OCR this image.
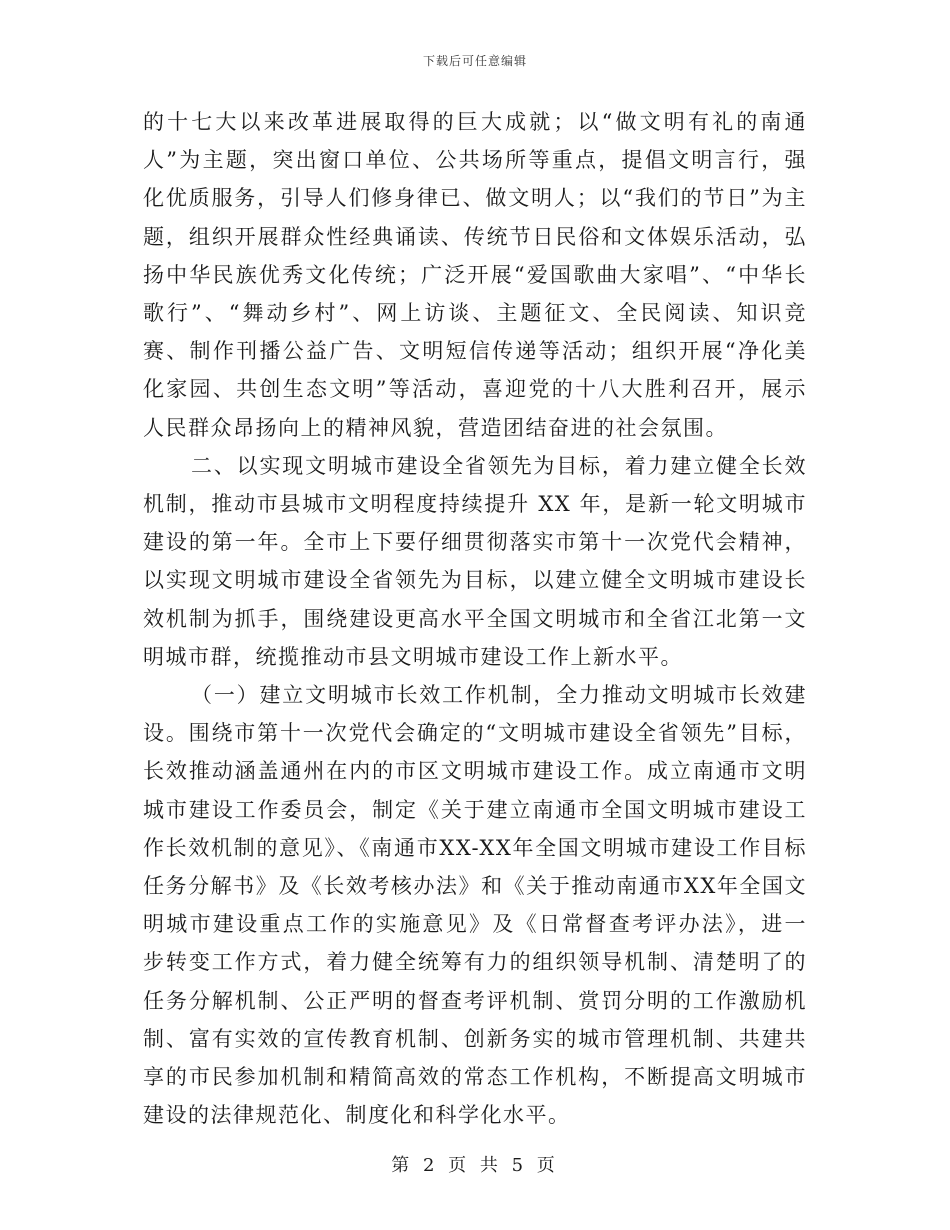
下载后可任意编辑

的十七大以来改革进展取得的巨大成就；以“做文明有礼的南通人”为主题，突出窗口单位、公共场所等重点，提倡文明言行，强化优质服务，引导人们修身律已、做文明人；以“我们的节日”为主题，组织开展群众性经典诵读、传统节日民俗和文体娱乐活动，弘扬中华民族优秀文化传统；广泛开展“爱国歌曲大家唱”、“中华长歌行”、“舞动乡村”、网上访谈、主题征文、全民阅读、知识竞赛、制作刊播公益广告、文明短信传递等活动；组织开展“净化美化家园、共创生态文明”等活动，喜迎党的十八大胜利召开，展示人民群众昂扬向上的精神风貌，营造团结奋进的社会氛围。

二、以实现文明城市建设全省领先为目标，着力建立健全长效机制，推动市县城市文明程度持续提升 XX 年，是新一轮文明城市建设的第一年。全市上下要仔细贯彻落实市第十一次党代会精神，以实现文明城市建设全省领先为目标，以建立健全文明城市建设长效机制为抓手，围绕建设更高水平全国文明城市和全省江北第一文明城市群，统揽推动市县文明城市建设工作上新水平。

（一）建立文明城市长效工作机制，全力推动文明城市长效建设。围绕市第十一次党代会确定的“文明城市建设全省领先”目标，长效推动涵盖通州在内的市区文明城市建设工作。成立南通市文明城市建设工作委员会，制定《关于建立南通市全国文明城市建设工作长效机制的意见》、《南通市XX-XX年全国文明城市建设工作目标任务分解书》及《长效考核办法》和《关于推动南通市XX年全国文明城市建设重点工作的实施意见》及《日常督查考评办法》，进一步转变工作方式，着力健全统筹有力的组织领导机制、清楚明了的任务分解机制、公正严明的督查考评机制、赏罚分明的工作激励机制、富有实效的宣传教育机制、创新务实的城市管理机制、共建共享的市民参加机制和精简高效的常态工作机构，不断提高文明城市建设的法律规范化、制度化和科学化水平。

第 2 页 共 5 页
